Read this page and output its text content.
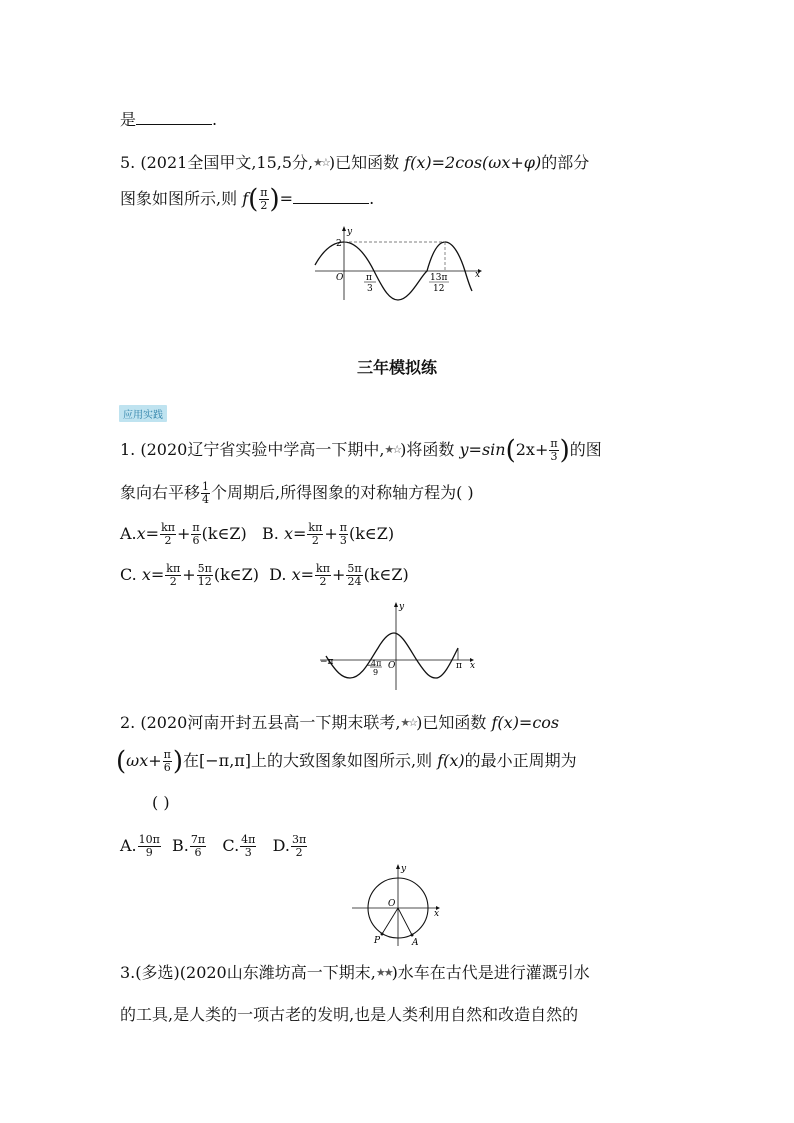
是	.
5. (2021全国甲文,15,5分,★☆)已知函数 f(x)=2cos(ωx+φ)的部分
图象如图所示,则 $f( \frac{\pi}{2}$ )=	.
y
x
O
2
π
3
13π
12
三年模拟练
应用实践
1. (2020辽宁省实验中学高一下期中,★☆)将函数 $y=\sin(2x+ \frac{\pi}{3}$ )的图
象向右平移 $\frac{1}{4}$ 个周期后,所得图象的对称轴方程为( )
$A.x= \frac{k\pi}{2} + \frac{\pi}{6}$ (k∈Z) B. $x= \frac{k\pi}{2} + \frac{\pi}{3}$ (k∈Z)
C. $x= \frac{k\pi}{2} + \frac{5\pi}{12}$ (k∈Z) D. $x= \frac{k\pi}{2} + \frac{5\pi}{24}$ (k∈Z)
y
x
O
−π	π
−
4π
9
2. (2020河南开封五县高一下期末联考,★☆)已知函数 f(x)=cos
($\omega x+ \frac{\pi}{6}$ )在[−π,π]上的大致图象如图所示,则 f(x)的最小正周期为
( )
A. $\frac{10\pi}{9} B$. $\frac{7\pi}{6} C$. $\frac{4\pi}{3} D$. $\frac{3\pi}{2}$
y
x
O
P	A
3.(多选)(2020山东潍坊高一下期末,★★)水车在古代是进行灌溉引水
的工具,是人类的一项古老的发明,也是人类利用自然和改造自然的
